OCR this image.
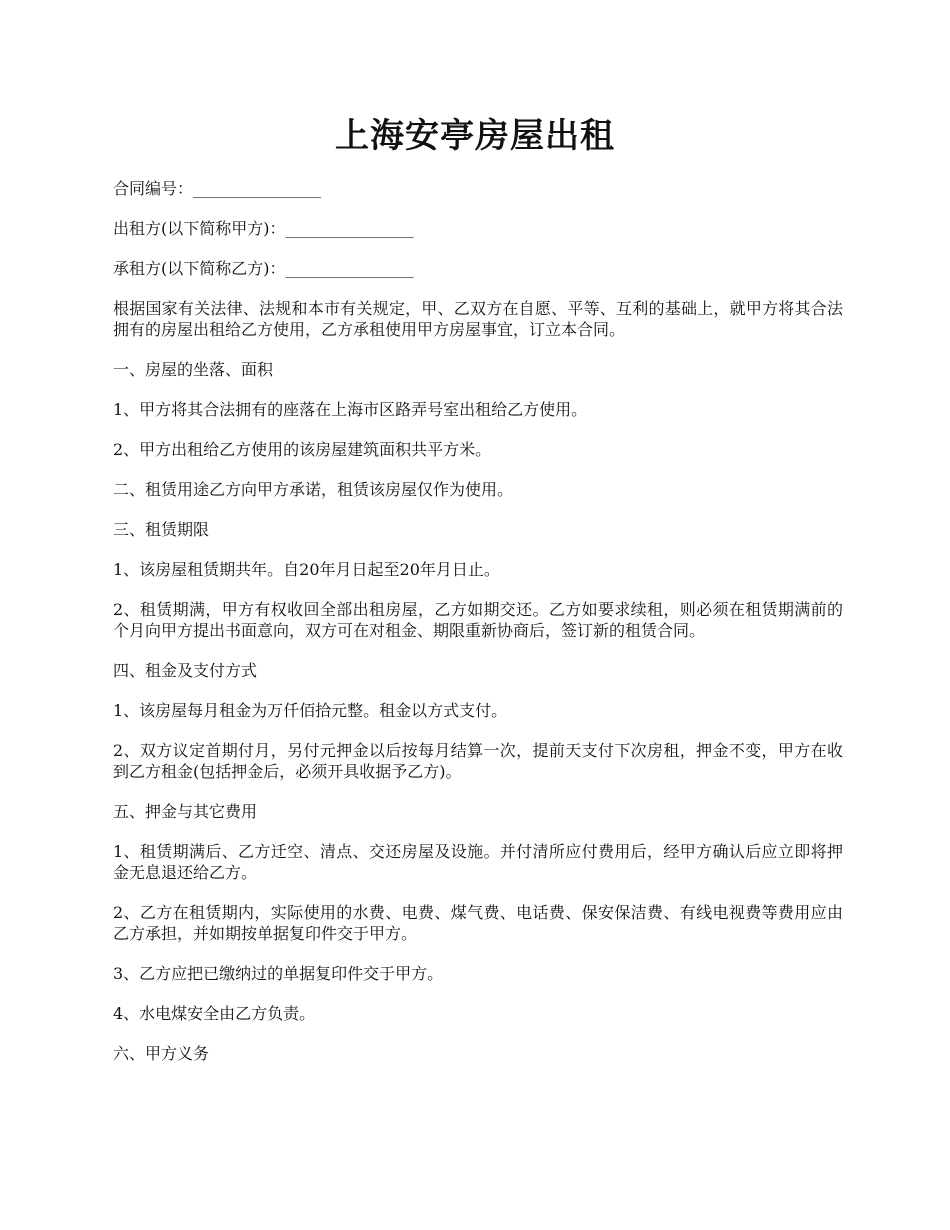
上海安亭房屋出租

合同编号：________________

出租方(以下简称甲方)：________________

承租方(以下简称乙方)：________________

根据国家有关法律、法规和本市有关规定，甲、乙双方在自愿、平等、互利的基础上，就甲方将其合法拥有的房屋出租给乙方使用，乙方承租使用甲方房屋事宜，订立本合同。

一、房屋的坐落、面积

1、甲方将其合法拥有的座落在上海市区路弄号室出租给乙方使用。

2、甲方出租给乙方使用的该房屋建筑面积共平方米。

二、租赁用途乙方向甲方承诺，租赁该房屋仅作为使用。

三、租赁期限

1、该房屋租赁期共年。自20年月日起至20年月日止。

2、租赁期满，甲方有权收回全部出租房屋，乙方如期交还。乙方如要求续租，则必须在租赁期满前的个月向甲方提出书面意向，双方可在对租金、期限重新协商后，签订新的租赁合同。

四、租金及支付方式

1、该房屋每月租金为万仟佰拾元整。租金以方式支付。

2、双方议定首期付月，另付元押金以后按每月结算一次，提前天支付下次房租，押金不变，甲方在收到乙方租金(包括押金后，必须开具收据予乙方)。

五、押金与其它费用

1、租赁期满后、乙方迁空、清点、交还房屋及设施。并付清所应付费用后，经甲方确认后应立即将押金无息退还给乙方。

2、乙方在租赁期内，实际使用的水费、电费、煤气费、电话费、保安保洁费、有线电视费等费用应由乙方承担，并如期按单据复印件交于甲方。

3、乙方应把已缴纳过的单据复印件交于甲方。

4、水电煤安全由乙方负责。

六、甲方义务
